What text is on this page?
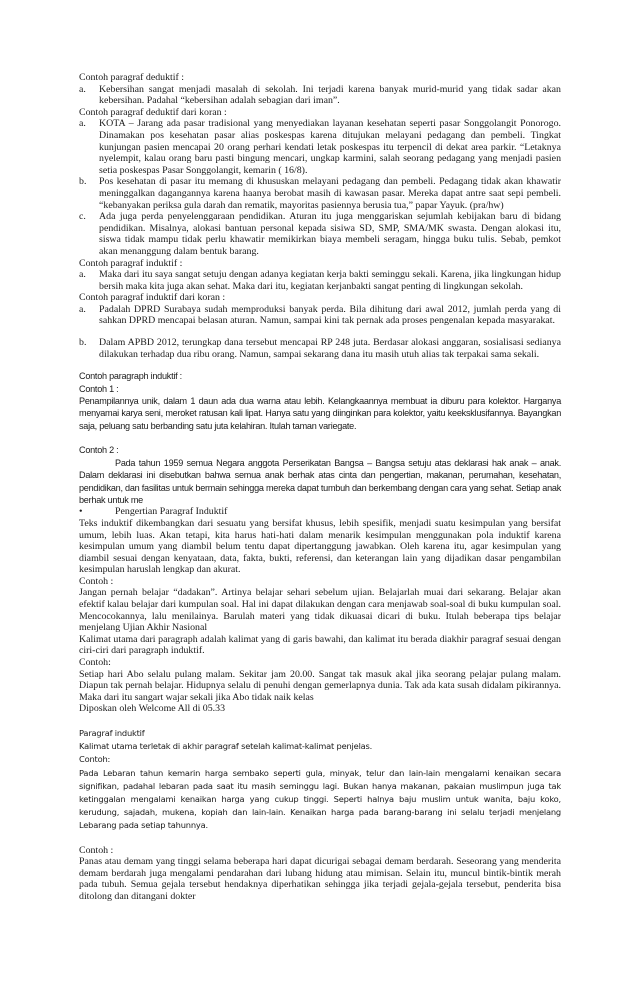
Contoh paragraf deduktif :

a.	Kebersihan sangat menjadi masalah di sekolah. Ini terjadi karena banyak murid-murid yang tidak sadar akan kebersihan. Padahal “kebersihan adalah sebagian dari iman”.

Contoh paragraf deduktif dari koran :

a.	KOTA – Jarang ada pasar tradisional yang menyediakan layanan kesehatan seperti pasar Songgolangit Ponorogo. Dinamakan pos kesehatan pasar alias poskespas karena ditujukan melayani pedagang dan pembeli. Tingkat kunjungan pasien mencapai 20 orang perhari kendati letak poskespas itu terpencil di dekat area parkir. “Letaknya nyelempit, kalau orang baru pasti bingung mencari, ungkap karmini, salah seorang pedagang yang menjadi pasien setia poskespas Pasar Songgolangit, kemarin ( 16/8).
b.	Pos kesehatan di pasar itu memang di khususkan melayani pedagang dan pembeli. Pedagang tidak akan khawatir meninggalkan dagangannya karena haanya berobat masih di kawasan pasar. Mereka dapat antre saat sepi pembeli. “kebanyakan periksa gula darah dan rematik, mayoritas pasiennya berusia tua,” papar Yayuk. (pra/hw)
c.	Ada juga perda penyelenggaraan pendidikan. Aturan itu juga menggariskan sejumlah kebijakan baru di bidang pendidikan. Misalnya, alokasi bantuan personal kepada sisiwa SD, SMP, SMA/MK swasta. Dengan alokasi itu, siswa tidak mampu tidak perlu khawatir memikirkan biaya membeli seragam, hingga buku tulis. Sebab, pemkot akan menanggung dalam bentuk barang.

Contoh paragraf induktif :

a.	Maka dari itu saya sangat setuju dengan adanya kegiatan kerja bakti seminggu sekali. Karena, jika lingkungan hidup bersih maka kita juga akan sehat. Maka dari itu, kegiatan kerjanbakti sangat penting di lingkungan sekolah.

Contoh paragraf induktif dari koran :

a.	Padalah DPRD Surabaya sudah memproduksi banyak perda. Bila dihitung dari awal 2012, jumlah perda yang di sahkan DPRD mencapai belasan aturan. Namun, sampai kini tak pernak ada proses pengenalan kepada masyarakat.
b.	Dalam APBD 2012, terungkap dana tersebut mencapai RP 248 juta. Berdasar alokasi anggaran, sosialisasi sedianya dilakukan terhadap dua ribu orang. Namun, sampai sekarang dana itu masih utuh alias tak terpakai sama sekali.

Contoh paragraph induktif :

Contoh 1 :

Penampilannya unik, dalam 1 daun ada dua warna atau lebih. Kelangkaannya membuat ia diburu para kolektor. Harganya menyamai karya seni, meroket ratusan kali lipat. Hanya satu yang diinginkan para kolektor, yaitu keeksklusifannya. Bayangkan saja, peluang satu berbanding satu juta kelahiran. Itulah taman variegate.

Contoh 2 :

Pada tahun 1959 semua Negara anggota Perserikatan Bangsa – Bangsa setuju atas deklarasi hak anak – anak. Dalam deklarasi ini disebutkan bahwa semua anak berhak atas cinta dan pengertian, makanan, perumahan, kesehatan, pendidikan, dan fasilitas untuk bermain sehingga mereka dapat tumbuh dan berkembang dengan cara yang sehat. Setiap anak berhak untuk me

•	Pengertian Paragraf Induktif

Teks induktif dikembangkan dari sesuatu yang bersifat khusus, lebih spesifik, menjadi suatu kesimpulan yang bersifat umum, lebih luas. Akan tetapi, kita harus hati-hati dalam menarik kesimpulan menggunakan pola induktif karena kesimpulan umum yang diambil belum tentu dapat dipertanggung jawabkan. Oleh karena itu, agar kesimpulan yang diambil sesuai dengan kenyataan, data, fakta, bukti, referensi, dan keterangan lain yang dijadikan dasar pengambilan kesimpulan haruslah lengkap dan akurat.

Contoh :

Jangan pernah belajar “dadakan”. Artinya belajar sehari sebelum ujian. Belajarlah muai dari sekarang. Belajar akan efektif kalau belajar dari kumpulan soal. Hal ini dapat dilakukan dengan cara menjawab soal-soal di buku kumpulan soal. Mencocokannya, lalu menilainya. Barulah materi yang tidak dikuasai dicari di buku. Itulah beberapa tips belajar menjelang Ujian Akhir Nasional

Kalimat utama dari paragraph adalah kalimat yang di garis bawahi, dan kalimat itu berada diakhir paragraf sesuai dengan ciri-ciri dari paragraph induktif.

Contoh:

Setiap hari Abo selalu pulang malam. Sekitar jam 20.00. Sangat tak masuk akal jika seorang pelajar pulang malam. Diapun tak pernah belajar. Hidupnya selalu di penuhi dengan gemerlapnya dunia. Tak ada kata susah didalam pikirannya. Maka dari itu sangart wajar sekali jika Abo tidak naik kelas

Diposkan oleh Welcome All di 05.33

Paragraf induktif

Kalimat utama terletak di akhir paragraf setelah kalimat-kalimat penjelas.

Contoh:

Pada Lebaran tahun kemarin harga sembako seperti gula, minyak, telur dan lain-lain mengalami kenaikan secara signifikan, padahal lebaran pada saat itu masih seminggu lagi. Bukan hanya makanan, pakaian muslimpun juga tak ketinggalan mengalami kenaikan harga yang cukup tinggi. Seperti halnya baju muslim untuk wanita, baju koko, kerudung, sajadah, mukena, kopiah dan lain-lain. Kenaikan harga pada barang-barang ini selalu terjadi menjelang Lebarang pada setiap tahunnya.

Contoh :

Panas atau demam yang tinggi selama beberapa hari dapat dicurigai sebagai demam berdarah. Seseorang yang menderita demam berdarah juga mengalami pendarahan dari lubang hidung atau mimisan. Selain itu, muncul bintik-bintik merah pada tubuh. Semua gejala tersebut hendaknya diperhatikan sehingga jika terjadi gejala-gejala tersebut, penderita bisa ditolong dan ditangani dokter
